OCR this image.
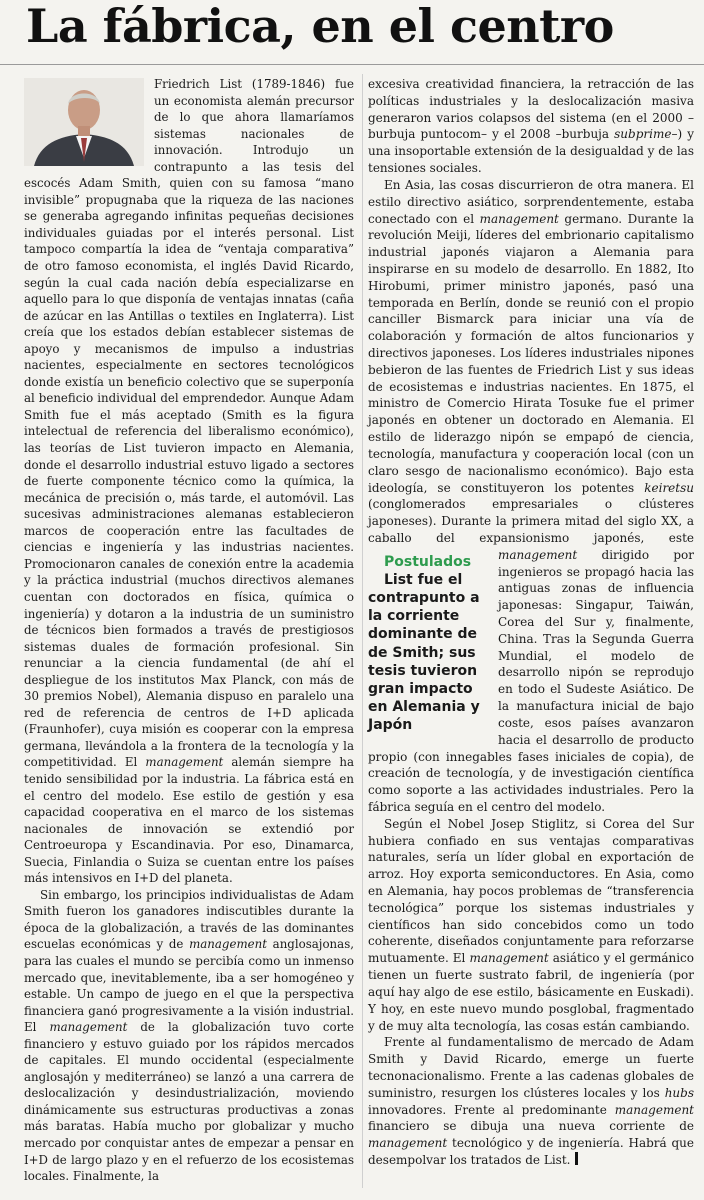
La fábrica, en el centro

Friedrich List (1789-1846) fue un economista alemán precursor de lo que ahora llamaríamos sistemas nacionales de innovación. Introdujo un contrapunto a las tesis del escocés Adam Smith, quien con su famosa “mano invisible” propugnaba que la riqueza de las naciones se generaba agregando infinitas pequeñas decisiones individuales guiadas por el interés personal. List tampoco compartía la idea de “ventaja comparativa” de otro famoso economista, el inglés David Ricardo, según la cual cada nación debía especializarse en aquello para lo que disponía de ventajas innatas (caña de azúcar en las Antillas o textiles en Inglaterra). List creía que los estados debían establecer sistemas de apoyo y mecanismos de impulso a industrias nacientes, especialmente en sectores tecnológicos donde existía un beneficio colectivo que se superponía al beneficio individual del emprendedor. Aunque Adam Smith fue el más aceptado (Smith es la figura intelectual de referencia del liberalismo económico), las teorías de List tuvieron impacto en Alemania, donde el desarrollo industrial estuvo ligado a sectores de fuerte componente técnico como la química, la mecánica de precisión o, más tarde, el automóvil. Las sucesivas administraciones alemanas establecieron marcos de cooperación entre las facultades de ciencias e ingeniería y las industrias nacientes. Promocionaron canales de conexión entre la academia y la práctica industrial (muchos directivos alemanes cuentan con doctorados en física, química o ingeniería) y dotaron a la industria de un suministro de técnicos bien formados a través de prestigiosos sistemas duales de formación profesional. Sin renunciar a la ciencia fundamental (de ahí el despliegue de los institutos Max Planck, con más de 30 premios Nobel), Alemania dispuso en paralelo una red de referencia de centros de I+D aplicada (Fraunhofer), cuya misión es cooperar con la empresa germana, llevándola a la frontera de la tecnología y la competitividad. El management alemán siempre ha tenido sensibilidad por la industria. La fábrica está en el centro del modelo. Ese estilo de gestión y esa capacidad cooperativa en el marco de los sistemas nacionales de innovación se extendió por Centroeuropa y Escandinavia. Por eso, Dinamarca, Suecia, Finlandia o Suiza se cuentan entre los países más intensivos en I+D del planeta.

Sin embargo, los principios individualistas de Adam Smith fueron los ganadores indiscutibles durante la época de la globalización, a través de las dominantes escuelas económicas y de management anglosajonas, para las cuales el mundo se percibía como un inmenso mercado que, inevitablemente, iba a ser homogéneo y estable. Un campo de juego en el que la perspectiva financiera ganó progresivamente a la visión industrial. El management de la globalización tuvo corte financiero y estuvo guiado por los rápidos mercados de capitales. El mundo occidental (especialmente anglosajón y mediterráneo) se lanzó a una carrera de deslocalización y desindustrialización, moviendo dinámicamente sus estructuras productivas a zonas más baratas. Había mucho por globalizar y mucho mercado por conquistar antes de empezar a pensar en I+D de largo plazo y en el refuerzo de los ecosistemas locales. Finalmente, la

excesiva creatividad financiera, la retracción de las políticas industriales y la deslocalización masiva generaron varios colapsos del sistema (en el 2000 –burbuja puntocom– y el 2008 –burbuja subprime–) y una insoportable extensión de la desigualdad y de las tensiones sociales.

En Asia, las cosas discurrieron de otra manera. El estilo directivo asiático, sorprendentemente, estaba conectado con el management germano. Durante la revolución Meiji, líderes del embrionario capitalismo industrial japonés viajaron a Alemania para inspirarse en su modelo de desarrollo. En 1882, Ito Hirobumi, primer ministro japonés, pasó una temporada en Berlín, donde se reunió con el propio canciller Bismarck para iniciar una vía de colaboración y formación de altos funcionarios y directivos japoneses. Los líderes industriales nipones bebieron de las fuentes de Friedrich List y sus ideas de ecosistemas e industrias nacientes. En 1875, el ministro de Comercio Hirata Tosuke fue el primer japonés en obtener un doctorado en Alemania. El estilo de liderazgo nipón se empapó de ciencia, tecnología, manufactura y cooperación local (con un claro sesgo de nacionalismo económico). Bajo esta ideología, se constituyeron los potentes keiretsu (conglomerados empresariales o clústeres japoneses). Durante la primera mitad del siglo XX, a caballo del expansionismo japonés, este
Postulados
List fue el contrapunto a la corriente dominante de de Smith; sus tesis tuvieron gran impacto en Alemania y Japón
management dirigido por ingenieros se propagó hacia las antiguas zonas de influencia japonesas: Singapur, Taiwán, Corea del Sur y, finalmente, China. Tras la Segunda Guerra Mundial, el modelo de desarrollo nipón se reprodujo en todo el Sudeste Asiático. De la manufactura inicial de bajo coste, esos países avanzaron hacia el desarrollo de producto propio (con innegables fases iniciales de copia), de creación de tecnología, y de investigación científica como soporte a las actividades industriales. Pero la fábrica seguía en el centro del modelo.

Según el Nobel Josep Stiglitz, si Corea del Sur hubiera confiado en sus ventajas comparativas naturales, sería un líder global en exportación de arroz. Hoy exporta semiconductores. En Asia, como en Alemania, hay pocos problemas de “transferencia tecnológica” porque los sistemas industriales y científicos han sido concebidos como un todo coherente, diseñados conjuntamente para reforzarse mutuamente. El management asiático y el germánico tienen un fuerte sustrato fabril, de ingeniería (por aquí hay algo de ese estilo, básicamente en Euskadi). Y hoy, en este nuevo mundo posglobal, fragmentado y de muy alta tecnología, las cosas están cambiando.

Frente al fundamentalismo de mercado de Adam Smith y David Ricardo, emerge un fuerte tecnonacionalismo. Frente a las cadenas globales de suministro, resurgen los clústeres locales y los hubs innovadores. Frente al predominante management financiero se dibuja una nueva corriente de management tecnológico y de ingeniería. Habrá que desempolvar los tratados de List.
